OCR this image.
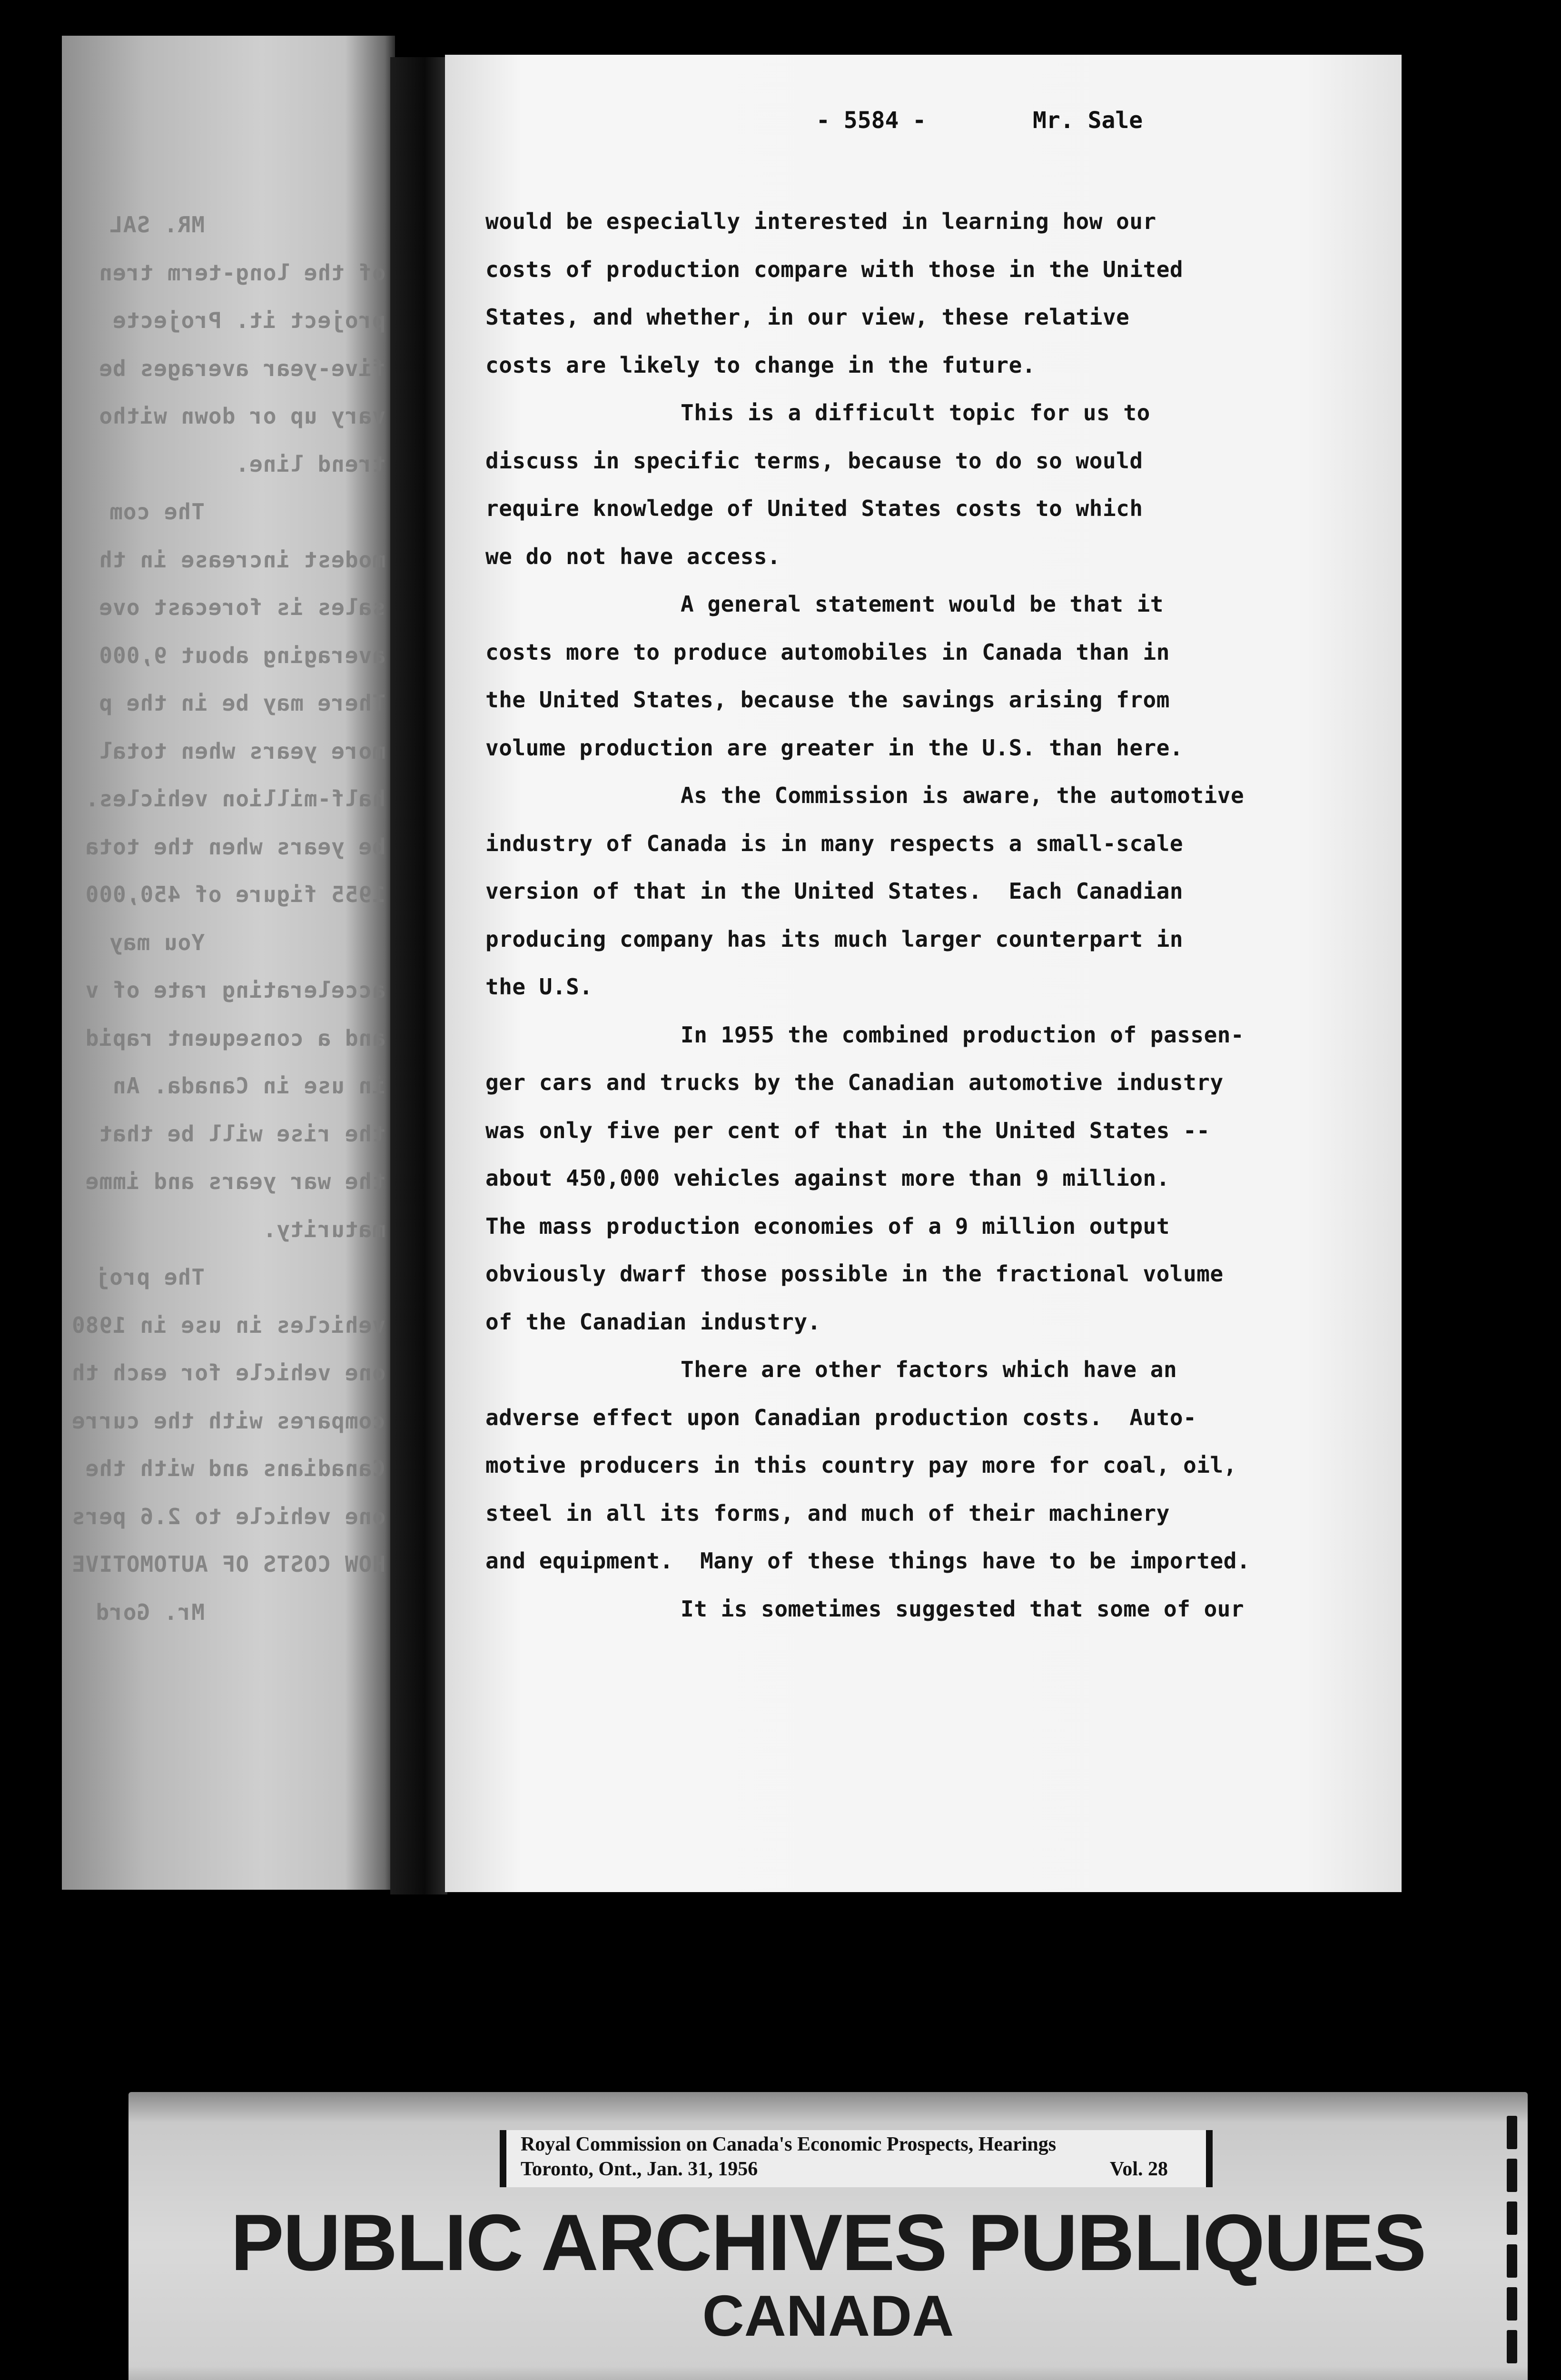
MR. SAL
of the long-term tren
project it. Projecte
five-year averages be
vary up or down witho
trend line.
The com
modest increase in th
sales is forecast ove
averaging about 9,000
There may be in the p
more years when total
half-million vehicles.
be years when the tota
1955 figure of 450,000
You may
accelerating rate of v
and a consequent rapid
in use in Canada. An
the rise will be that
the war years and imme
maturity.
The proj
vehicles in use in 1980
one vehicle for each th
compares with the curre
Canadians and with the
one vehicle to 2.6 pers
HOW COSTS OF AUTOMOTIVE
Mr. Gord
- 5584 -	Mr. Sale
would be especially interested in learning how our
costs of production compare with those in the United
States, and whether, in our view, these relative
costs are likely to change in the future.
This is a difficult topic for us to
discuss in specific terms, because to do so would
require knowledge of United States costs to which
we do not have access.
A general statement would be that it
costs more to produce automobiles in Canada than in
the United States, because the savings arising from
volume production are greater in the U.S. than here.
As the Commission is aware, the automotive
industry of Canada is in many respects a small-scale
version of that in the United States.  Each Canadian
producing company has its much larger counterpart in
the U.S.
In 1955 the combined production of passen-
ger cars and trucks by the Canadian automotive industry
was only five per cent of that in the United States --
about 450,000 vehicles against more than 9 million.
The mass production economies of a 9 million output
obviously dwarf those possible in the fractional volume
of the Canadian industry.
There are other factors which have an
adverse effect upon Canadian production costs.  Auto-
motive producers in this country pay more for coal, oil,
steel in all its forms, and much of their machinery
and equipment.  Many of these things have to be imported.
It is sometimes suggested that some of our
Royal Commission on Canada's Economic Prospects, Hearings
Toronto, Ont., Jan. 31, 1956	Vol. 28
PUBLIC ARCHIVES PUBLIQUES
CANADA
